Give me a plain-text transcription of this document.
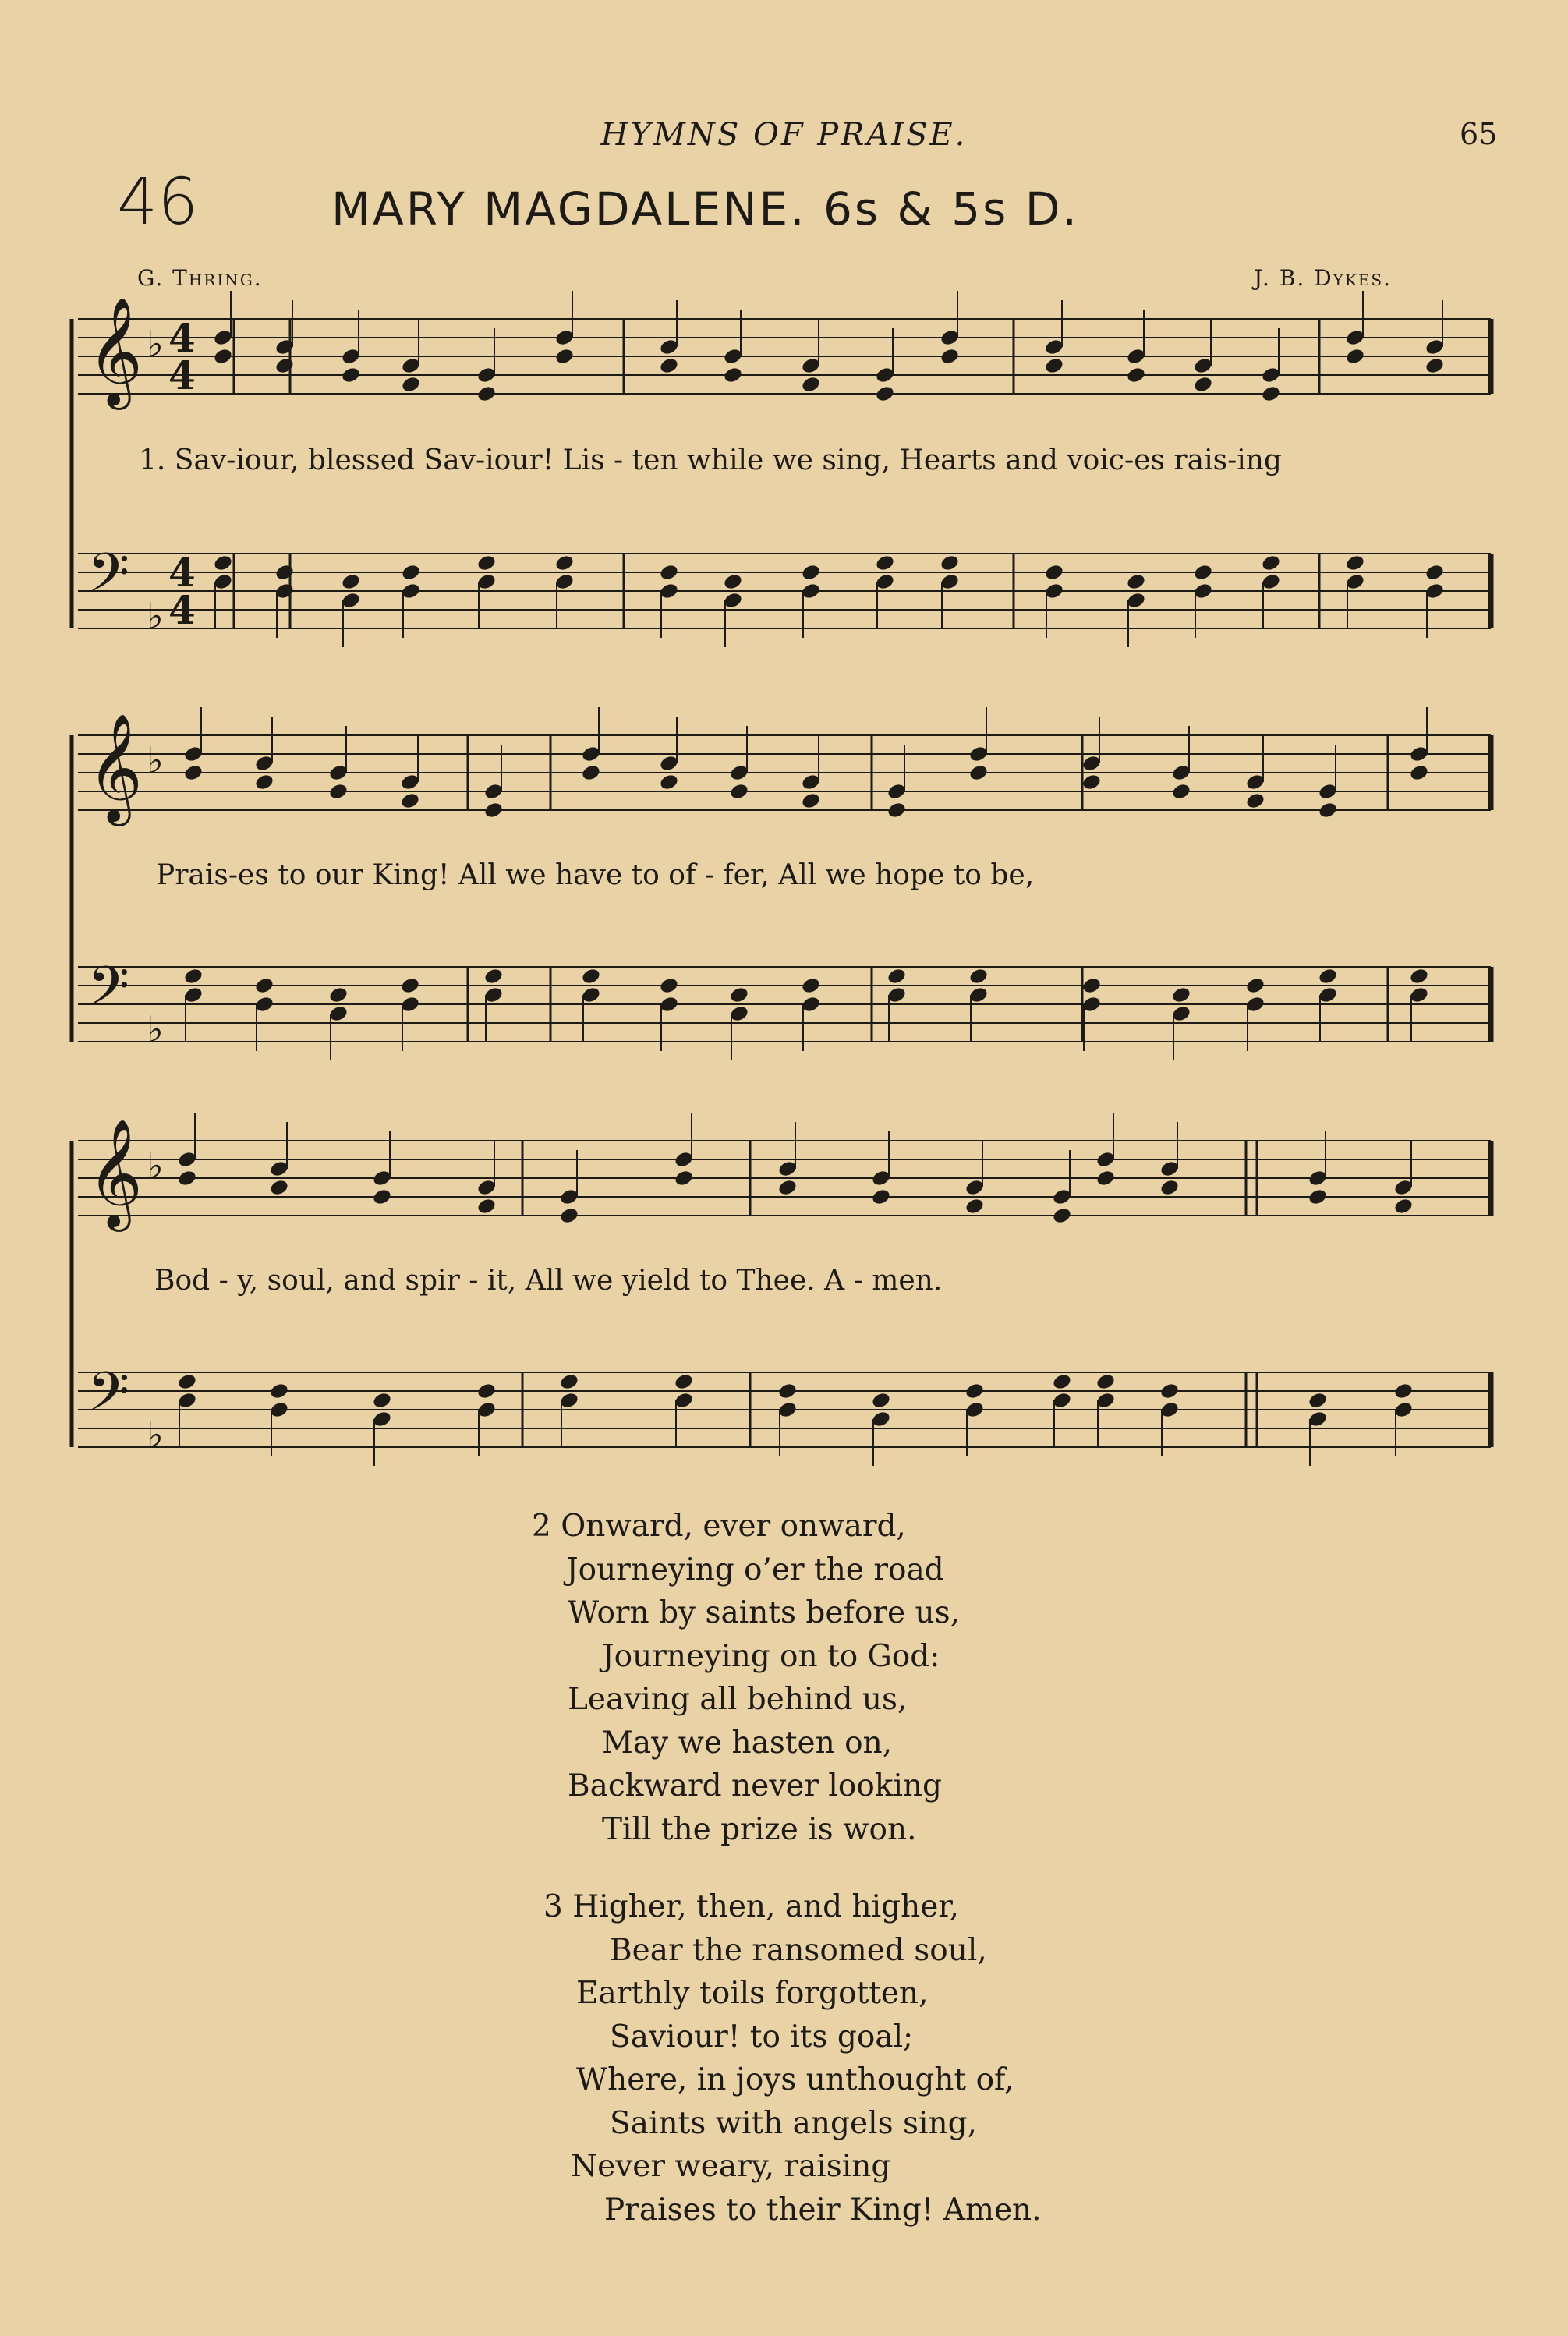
HYMNS OF PRAISE.	65
46	MARY MAGDALENE. 6s & 5s D.
G. Thring.	J. B. Dykes.
𝄞 ♭ 4
4
𝄢 ♭
4
4
𝄞 ♭
𝄢 ♭
𝄞 ♭
𝄢 ♭
1. Sav-iour, blessed Sav-iour! Lis - ten while we sing, Hearts and voic-es rais-ing
Prais-es to our King! All we have to of - fer, All we hope to be,
Bod - y, soul, and spir - it, All we yield to Thee. A - men.
2 Onward, ever onward,
Journeying o’er the road
Worn by saints before us,
Journeying on to God:
Leaving all behind us,
May we hasten on,
Backward never looking
Till the prize is won.
3 Higher, then, and higher,
Bear the ransomed soul,
Earthly toils forgotten,
Saviour! to its goal;
Where, in joys unthought of,
Saints with angels sing,
Never weary, raising
Praises to their King! Amen.
